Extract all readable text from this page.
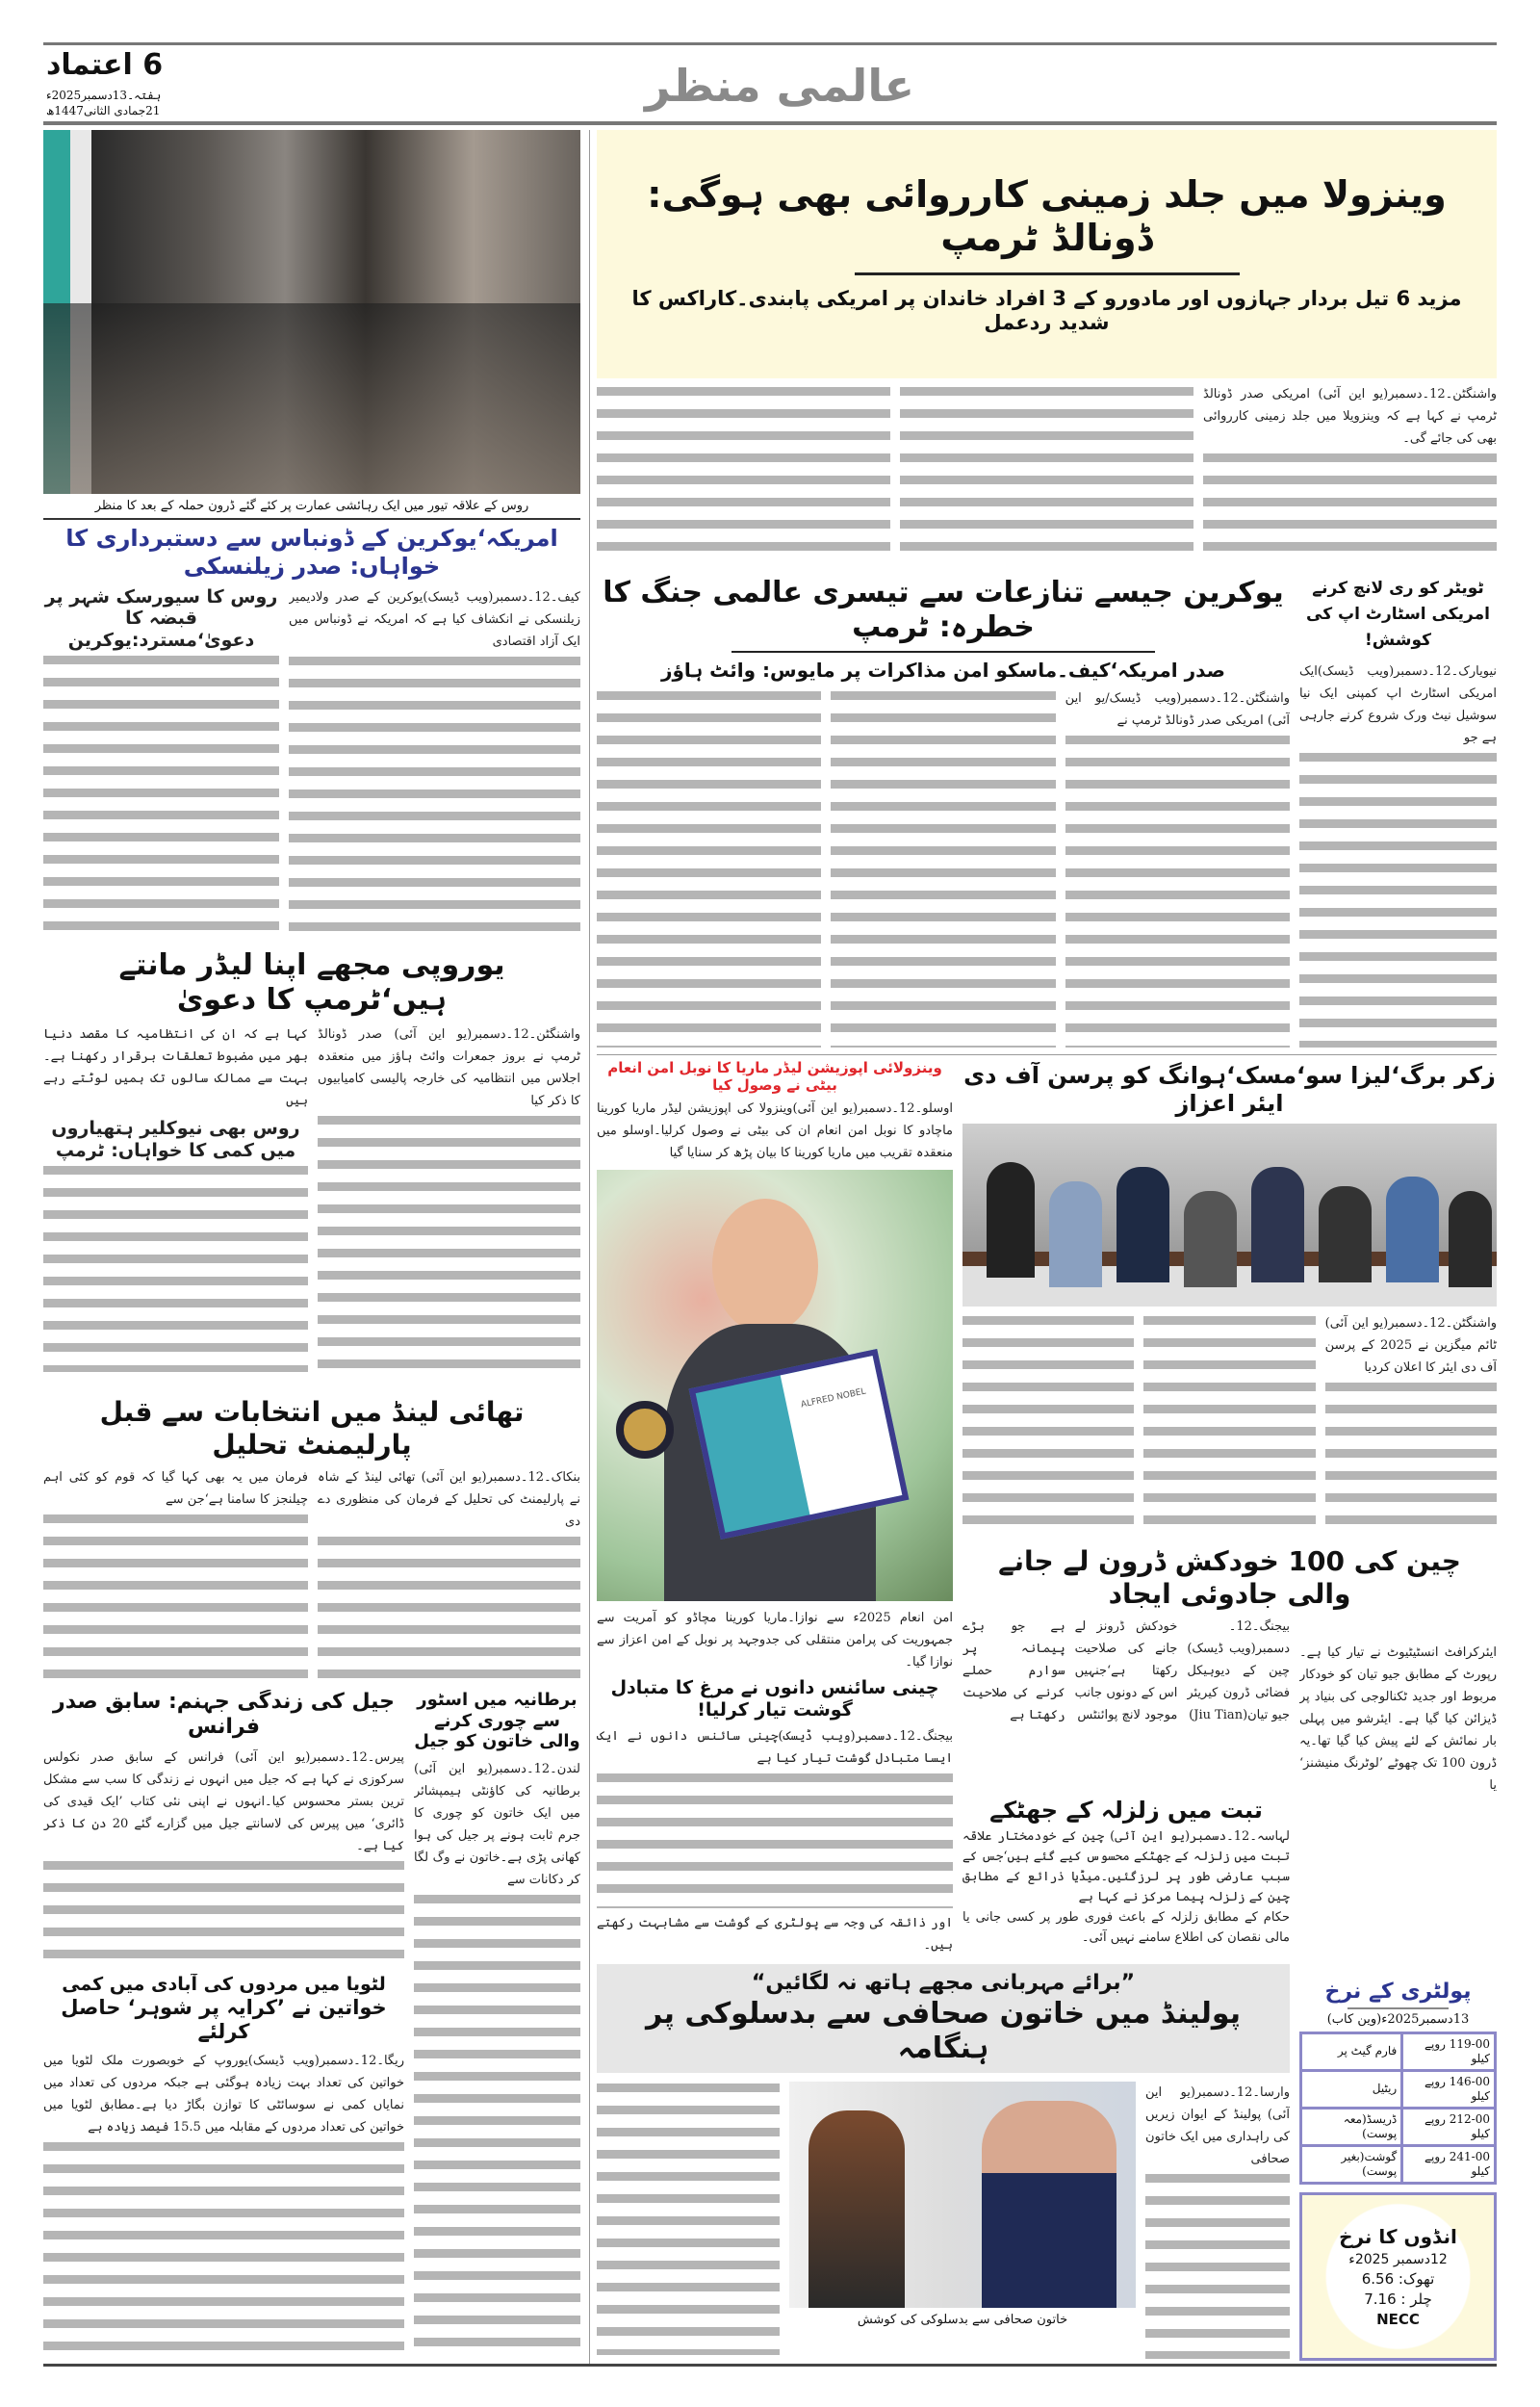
6 اعتماد
ہفتہ۔13دسمبر2025ء
21جمادی الثانی1447ھ	عالمی منظر
روس کے علاقہ تیور میں ایک رہائشی عمارت پر کئے گئے ڈرون حملہ کے بعد کا منظر
امریکہ‘یوکرین کے ڈونباس سے دستبرداری کا خواہاں: صدر زیلنسکی
کیف۔12۔دسمبر(ویب ڈیسک)یوکرین کے صدر ولادیمیر زیلنسکی نے انکشاف کیا ہے کہ امریکہ نے ڈونباس میں ایک آزاد اقتصادی
روس کا سیورسک شہر پر قبضہ کا دعویٰ‘مسترد:یوکرین
یوروپی مجھے اپنا لیڈر مانتے ہیں‘ٹرمپ کا دعویٰ
واشنگٹن۔12۔دسمبر(یو این آئی) صدر ڈونالڈ ٹرمپ نے بروز جمعرات وائٹ ہاؤز میں منعقدہ اجلاس میں انتظامیہ کی خارجہ پالیسی کامیابیوں کا ذکر کیا
کہا ہے کہ ان کی انتظامیہ کا مقصد دنیا بھر میں مضبوط تعلقات برقرار رکھنا ہے۔بہت سے ممالک سالوں تک ہمیں لوٹتے رہے ہیں
روس بھی نیوکلیر ہتھیاروں میں کمی کا خواہاں: ٹرمپ
تھائی لینڈ میں انتخابات سے قبل پارلیمنٹ تحلیل
بنکاک۔12۔دسمبر(یو این آئی) تھائی لینڈ کے شاہ نے پارلیمنٹ کی تحلیل کے فرمان کی منظوری دے دی
فرمان میں یہ بھی کہا گیا کہ قوم کو کئی اہم چیلنجز کا سامنا ہے‘جن سے
جیل کی زندگی جہنم: سابق صدر فرانس
پیرس۔12۔دسمبر(یو این آئی) فرانس کے سابق صدر نکولس سرکوزی نے کہا ہے کہ جیل میں انہوں نے زندگی کا سب سے مشکل ترین بستر محسوس کیا۔انہوں نے اپنی نئی کتاب ’ایک قیدی کی ڈائری‘ میں پیرس کی لاسانتے جیل میں گزارے گئے 20 دن کا ذکر کیا ہے۔
برطانیہ میں اسٹور سے چوری کرنے والی خاتون کو جیل
لندن۔12۔دسمبر(یو این آئی) برطانیہ کی کاؤنٹی ہیمپشائر میں ایک خاتون کو چوری کا جرم ثابت ہونے پر جیل کی ہوا کھانی پڑی ہے۔خاتون نے وگ لگا کر دکانات سے
لٹویا میں مردوں کی آبادی میں کمی
خواتین نے ’کرایہ پر شوہر‘ حاصل کرلئے
ریگا۔12۔دسمبر(ویب ڈیسک)یوروپ کے خوبصورت ملک لٹویا میں خواتین کی تعداد بہت زیادہ ہوگئی ہے جبکہ مردوں کی تعداد میں نمایاں کمی نے سوسائٹی کا توازن بگاڑ دیا ہے۔مطابق لٹویا میں خواتین کی تعداد مردوں کے مقابلہ میں 15.5 فیصد زیادہ ہے
وینزولا میں جلد زمینی کارروائی بھی ہوگی: ڈونالڈ ٹرمپ
مزید 6 تیل بردار جہازوں اور مادورو کے 3 افراد خاندان پر امریکی پابندی۔کاراکس کا شدید ردعمل
واشنگٹن۔12۔دسمبر(یو این آئی) امریکی صدر ڈونالڈ ٹرمپ نے کہا ہے کہ وینزویلا میں جلد زمینی کارروائی بھی کی جائے گی۔
یوکرین جیسے تنازعات سے تیسری عالمی جنگ کا خطرہ: ٹرمپ
صدر امریکہ‘کیف۔ماسکو امن مذاکرات پر مایوس: وائٹ ہاؤز
واشنگٹن۔12۔دسمبر(ویب ڈیسک/یو این آئی) امریکی صدر ڈونالڈ ٹرمپ نے
ٹویٹر کو ری لانچ کرنے امریکی اسٹارٹ اپ کی کوشش!
نیویارک۔12۔دسمبر(ویب ڈیسک)ایک امریکی اسٹارٹ اپ کمپنی ایک نیا سوشیل نیٹ ورک شروع کرنے جارہی ہے جو
وینزولائی اپوزیشن لیڈر ماریا کا نوبل امن انعام بیٹی نے وصول کیا
اوسلو۔12۔دسمبر(یو این آئی)وینزولا کی اپوزیشن لیڈر ماریا کورینا ماچادو کا نوبل امن انعام ان کی بیٹی نے وصول کرلیا۔اوسلو میں منعقدہ تقریب میں ماریا کورینا کا بیان پڑھ کر سنایا گیا
ALFRED NOBEL
امن انعام 2025ء سے نوازا۔ماریا کورینا مچاڈو کو آمریت سے جمہوریت کی پرامن منتقلی کی جدوجہد پر نوبل کے امن اعزاز سے نوازا گیا۔
چینی سائنس دانوں نے مرغ کا متبادل گوشت تیار کرلیا!
بیجنگ۔12۔دسمبر(ویب ڈیسک)چینی سائنس دانوں نے ایک ایسا متبادل گوشت تیار کیا ہے
اور ذائقہ کی وجہ سے پولٹری کے گوشت سے مشابہت رکھتے ہیں۔
زکر برگ‘لیزا سو‘مسک‘ہوانگ کو پرسن آف دی ایئر اعزاز
واشنگٹن۔12۔دسمبر(یو این آئی) ٹائم میگزین نے 2025 کے پرسن آف دی ایئر کا اعلان کردیا
چین کی 100 خودکش ڈرون لے جانے والی جادوئی ایجاد
بیجنگ۔12۔دسمبر(ویب ڈیسک) چین کے دیوہیکل فضائی ڈرون کیریئر جیو تیان(Jiu Tian)
خودکش ڈرونز لے جانے کی صلاحیت رکھتا ہے‘جنہیں اس کے دونوں جانب موجود لانچ پوائنٹس
ہے جو بڑے پیمانہ پر سوارم حملے کرنے کی صلاحیت رکھتا ہے
ایئرکرافٹ انسٹیٹیوٹ نے تیار کیا ہے۔رپورٹ کے مطابق جیو تیان کو خودکار مربوط اور جدید ٹکنالوجی کی بنیاد پر ڈیزائن کیا گیا ہے۔ ایئرشو میں پہلی بار نمائش کے لئے پیش کیا گیا تھا۔یہ ڈرون 100 تک چھوٹے ’لوٹرنگ منیشنز‘ یا
تبت میں زلزلہ کے جھٹکے
لہاسہ۔12۔دسمبر(یو این آئی) چین کے خودمختار علاقہ تبت میں زلزلہ کے جھٹکے محسوس کیے گئے ہیں‘جس کے سبب عارضی طور پر لرزگئیں۔میڈیا ذرائع کے مطابق چین کے زلزلہ پیما مرکز نے کہا ہے
حکام کے مطابق زلزلہ کے باعث فوری طور پر کسی جانی یا مالی نقصان کی اطلاع سامنے نہیں آئی۔
”برائے مہربانی مجھے ہاتھ نہ لگائیں“
پولینڈ میں خاتون صحافی سے بدسلوکی پر ہنگامہ
خاتون صحافی سے بدسلوکی کی کوشش
وارسا۔12۔دسمبر(یو این آئی) پولینڈ کے ایوان زیریں کی راہداری میں ایک خاتون صحافی
پولٹری کے نرخ
13دسمبر2025ء(وین کاب)
فارم گیٹ پر	119-00 روپے کیلو
ریٹیل	146-00 روپے کیلو
ڈریسڈ(معہ پوست)	212-00 روپے کیلو
گوشت(بغیر پوست)	241-00 روپے کیلو
انڈوں کا نرخ
12دسمبر 2025ء
تھوک: 6.56
چلر : 7.16
NECC
